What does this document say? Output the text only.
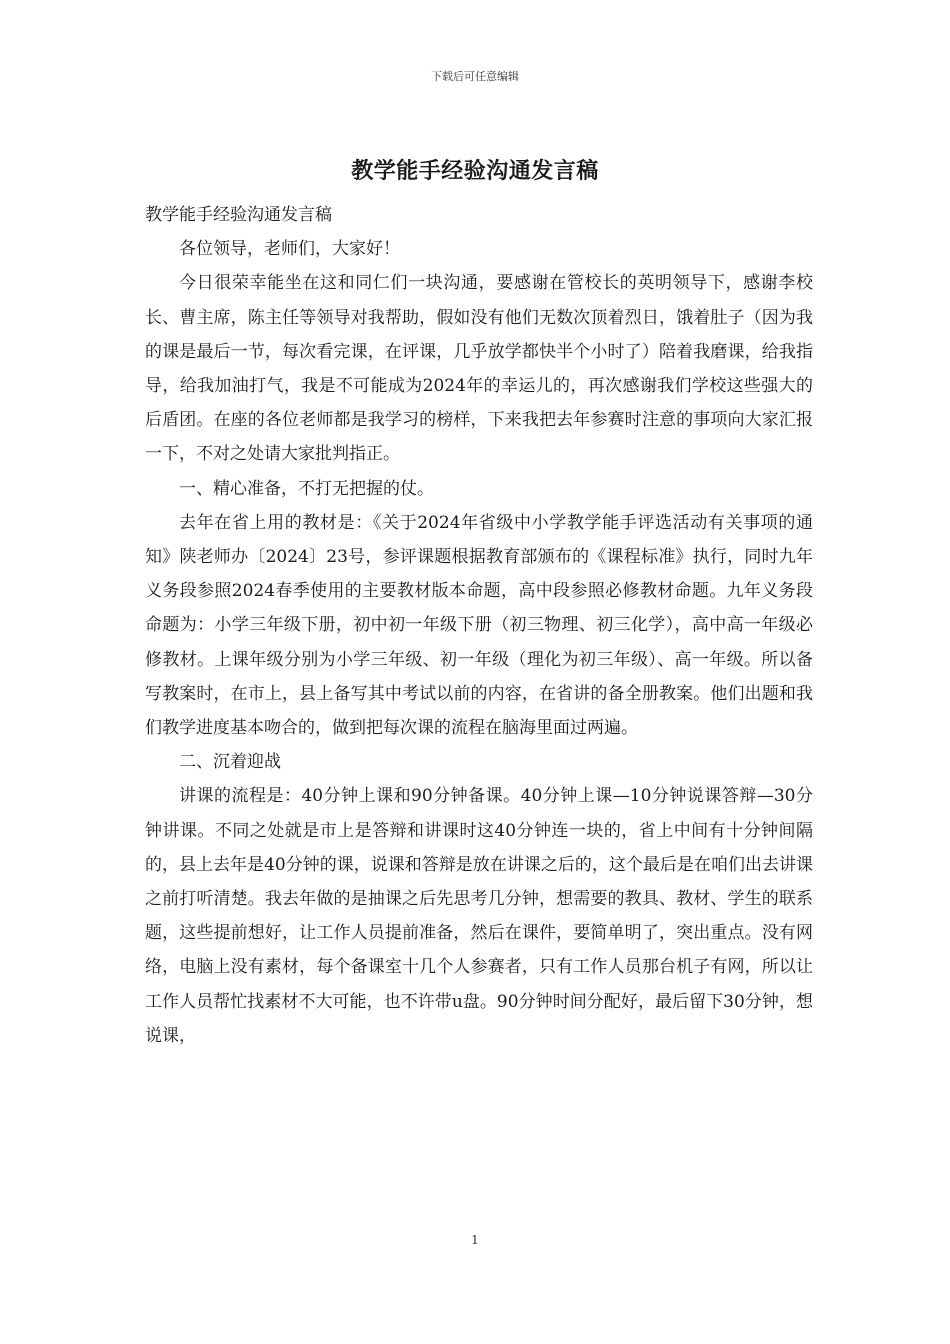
下载后可任意编辑
教学能手经验沟通发言稿

教学能手经验沟通发言稿

各位领导，老师们，大家好！

今日很荣幸能坐在这和同仁们一块沟通，要感谢在管校长的英明领导下，感谢李校长、曹主席，陈主任等领导对我帮助，假如没有他们无数次顶着烈日，饿着肚子（因为我的课是最后一节，每次看完课，在评课，几乎放学都快半个小时了）陪着我磨课，给我指导，给我加油打气，我是不可能成为2024年的幸运儿的，再次感谢我们学校这些强大的后盾团。在座的各位老师都是我学习的榜样，下来我把去年参赛时注意的事项向大家汇报一下，不对之处请大家批判指正。

一、精心准备，不打无把握的仗。

去年在省上用的教材是：《关于2024年省级中小学教学能手评选活动有关事项的通知》陕老师办〔2024〕23号，参评课题根据教育部颁布的《课程标准》执行，同时九年义务段参照2024春季使用的主要教材版本命题，高中段参照必修教材命题。九年义务段命题为：小学三年级下册，初中初一年级下册（初三物理、初三化学），高中高一年级必修教材。上课年级分别为小学三年级、初一年级（理化为初三年级）、高一年级。所以备写教案时，在市上，县上备写其中考试以前的内容，在省讲的备全册教案。他们出题和我们教学进度基本吻合的，做到把每次课的流程在脑海里面过两遍。

二、沉着迎战

讲课的流程是：40分钟上课和90分钟备课。40分钟上课—10分钟说课答辩—30分钟讲课。不同之处就是市上是答辩和讲课时这40分钟连一块的，省上中间有十分钟间隔的，县上去年是40分钟的课，说课和答辩是放在讲课之后的，这个最后是在咱们出去讲课之前打听清楚。我去年做的是抽课之后先思考几分钟，想需要的教具、教材、学生的联系题，这些提前想好，让工作人员提前准备，然后在课件，要简单明了，突出重点。没有网络，电脑上没有素材，每个备课室十几个人参赛者，只有工作人员那台机子有网，所以让工作人员帮忙找素材不大可能，也不许带u盘。90分钟时间分配好，最后留下30分钟，想说课，

1
